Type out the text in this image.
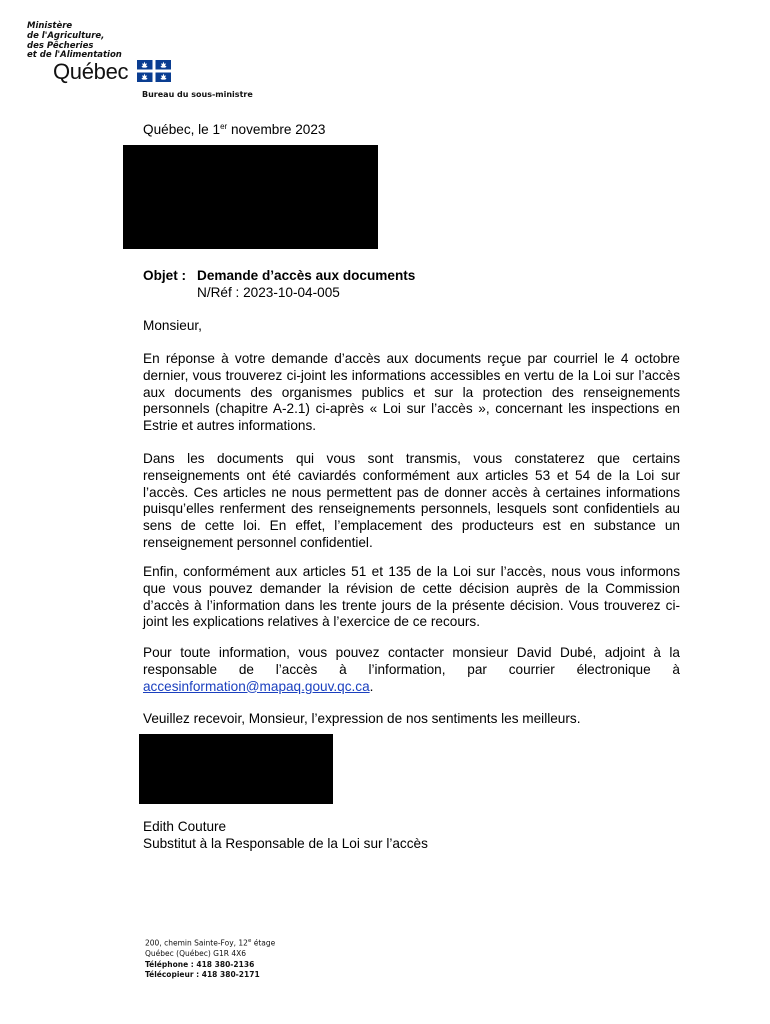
Ministère
de l'Agriculture,
des Pêcheries
et de l'Alimentation
Québec
Bureau du sous-ministre
Québec, le 1er novembre 2023
Objet : Demande d’accès aux documents
N/Réf : 2023-10-04-005
Monsieur,

En réponse à votre demande d’accès aux documents reçue par courriel le 4 octobre dernier, vous trouverez ci-joint les informations accessibles en vertu de la Loi sur l’accès aux documents des organismes publics et sur la protection des renseignements personnels (chapitre A-2.1) ci-après « Loi sur l’accès », concernant les inspections en Estrie et autres informations.

Dans les documents qui vous sont transmis, vous constaterez que certains renseignements ont été caviardés conformément aux articles 53 et 54 de la Loi sur l’accès. Ces articles ne nous permettent pas de donner accès à certaines informations puisqu’elles renferment des renseignements personnels, lesquels sont confidentiels au sens de cette loi. En effet, l’emplacement des producteurs est en substance un renseignement personnel confidentiel.

Enfin, conformément aux articles 51 et 135 de la Loi sur l’accès, nous vous informons que vous pouvez demander la révision de cette décision auprès de la Commission d’accès à l’information dans les trente jours de la présente décision. Vous trouverez ci-joint les explications relatives à l’exercice de ce recours.

Pour toute information, vous pouvez contacter monsieur David Dubé, adjoint à la responsable de l’accès à l’information, par courrier électronique à accesinformation@mapaq.gouv.qc.ca.

Veuillez recevoir, Monsieur, l’expression de nos sentiments les meilleurs.
Edith Couture
Substitut à la Responsable de la Loi sur l’accès
200, chemin Sainte-Foy, 12e étage
Québec (Québec) G1R 4X6
Téléphone : 418 380-2136
Télécopieur : 418 380-2171
